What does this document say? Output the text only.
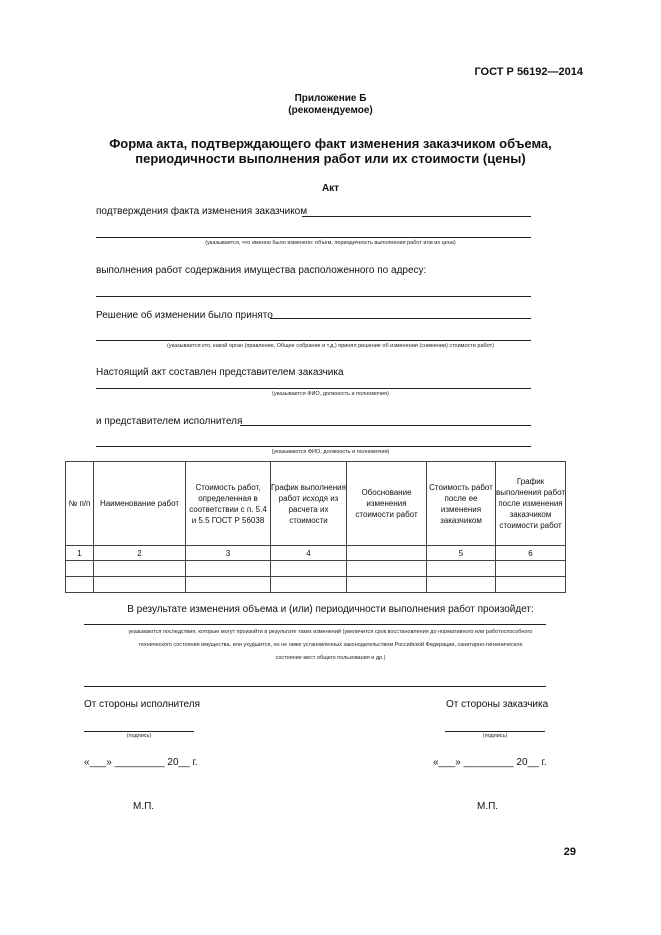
ГОСТ Р 56192—2014
Приложение Б
(рекомендуемое)
Форма акта, подтверждающего факт изменения заказчиком объема,
периодичности выполнения работ или их стоимости (цены)
Акт
подтверждения факта изменения заказчиком
(указывается, что именно было изменено: объем, периодичность выполнения работ или их цена)
выполнения работ содержания имущества расположенного по адресу:
Решение об изменении было принято
(указывается кто, какой орган (правление, Общее собрание и т.д.) принял решение об изменении (снижении) стоимости работ)
Настоящий акт составлен представителем заказчика
(указывается ФИО, должность и полномочия)
и представителем исполнителя
(указываются ФИО, должность и полномочия)
№ п/п	Наименование работ	Стоимость работ, определенная в соответствии с п. 5.4 и 5.5 ГОСТ Р 56038	График выполнения работ исходя из расчета их стоимости	Обоснование изменения стоимости работ	Стоимость работ после ее изменения заказчиком	График выполнения работ после изменения заказчиком стоимости работ
1	2	3	4		5	6

В результате изменения объема и (или) периодичности выполнения работ произойдет:
указываются последствия, которые могут произойти в результате таких изменений (увеличится срок восстановления до нормативного или работоспособного
технического состояния имущества, или ухудшится, но не ниже установленных законодательством Российской Федерации, санитарно-гигиеническое
состояние мест общего пользования и др.)
От стороны исполнителя	От стороны заказчика
(подпись)	(подпись)
«___» _________ 20__ г.	«___» _________ 20__ г.
М.П.	М.П.
29
